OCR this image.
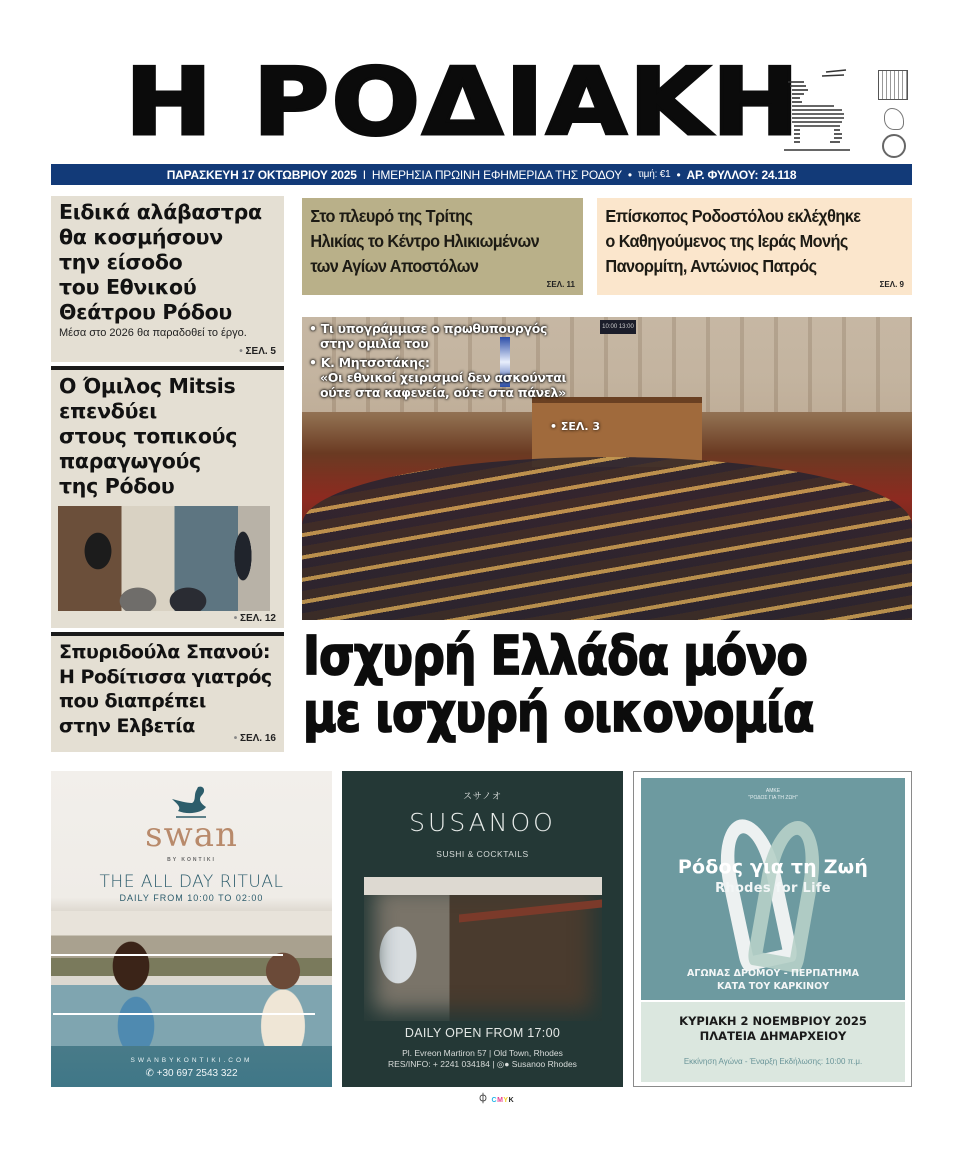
Η ΡΟΔΙΑΚΗ
ΠΑΡΑΣΚΕΥΗ 17 ΟΚΤΩΒΡΙΟΥ 2025 I ΗΜΕΡΗΣΙΑ ΠΡΩΙΝΗ ΕΦΗΜΕΡΙΔΑ ΤΗΣ ΡΟΔΟΥ • τιμή: €1 • ΑΡ. ΦΥΛΛΟΥ: 24.118
Ειδικά αλάβαστρα
θα κοσμήσουν
την είσοδο
του Εθνικού
Θεάτρου Ρόδου
Μέσα στο 2026 θα παραδοθεί το έργο.
• ΣΕΛ. 5
Ο Όμιλος Mitsis
επενδύει
στους τοπικούς
παραγωγούς
της Ρόδου
• ΣΕΛ. 12
Σπυριδούλα Σπανού:
Η Ροδίτισσα γιατρός
που διαπρέπει
στην Ελβετία
• ΣΕΛ. 16
Στο πλευρό της Τρίτης
Ηλικίας το Κέντρο Ηλικιωμένων
των Αγίων Αποστόλων
ΣΕΛ. 11
Επίσκοπος Ροδοστόλου εκλέχθηκε
ο Καθηγούμενος της Ιεράς Μονής
Πανορμίτη, Αντώνιος Πατρός
ΣΕΛ. 9
10:00 13:00
• Τι υπογράμμισε ο πρωθυπουργός
στην ομιλία του
• Κ. Μητσοτάκης:
«Οι εθνικοί χειρισμοί δεν ασκούνται
ούτε στα καφενεία, ούτε στα πάνελ»
• ΣΕΛ. 3
Ισχυρή Ελλάδα μόνο
με ισχυρή οικονομία
swan
BY KONTIKI
THE ALL DAY RITUAL
DAILY FROM 10:00 TO 02:00
SWANBYKONTIKI.COM
✆ +30 697 2543 322
スサノオ
SUSANOO
SUSHI & COCKTAILS
DAILY OPEN FROM 17:00
Pl. Evreon Martiron 57 | Old Town, Rhodes
RES/INFO: + 2241 034184 | ◎● Susanoo Rhodes
ΑΜΚΕ
"ΡΟΔΟΣ ΓΙΑ ΤΗ ΖΩΗ"
Ρόδος για τη Ζωή
Rhodes for Life
ΑΓΩΝΑΣ ΔΡΟΜΟΥ - ΠΕΡΠΑΤΗΜΑ
ΚΑΤΑ ΤΟΥ ΚΑΡΚΙΝΟΥ
ΚΥΡΙΑΚΗ 2 ΝΟΕΜΒΡΙΟΥ 2025
ΠΛΑΤΕΙΑ ΔΗΜΑΡΧΕΙΟΥ
Εκκίνηση Αγώνα - Έναρξη Εκδήλωσης: 10:00 π.μ.
⏀ CMYK
